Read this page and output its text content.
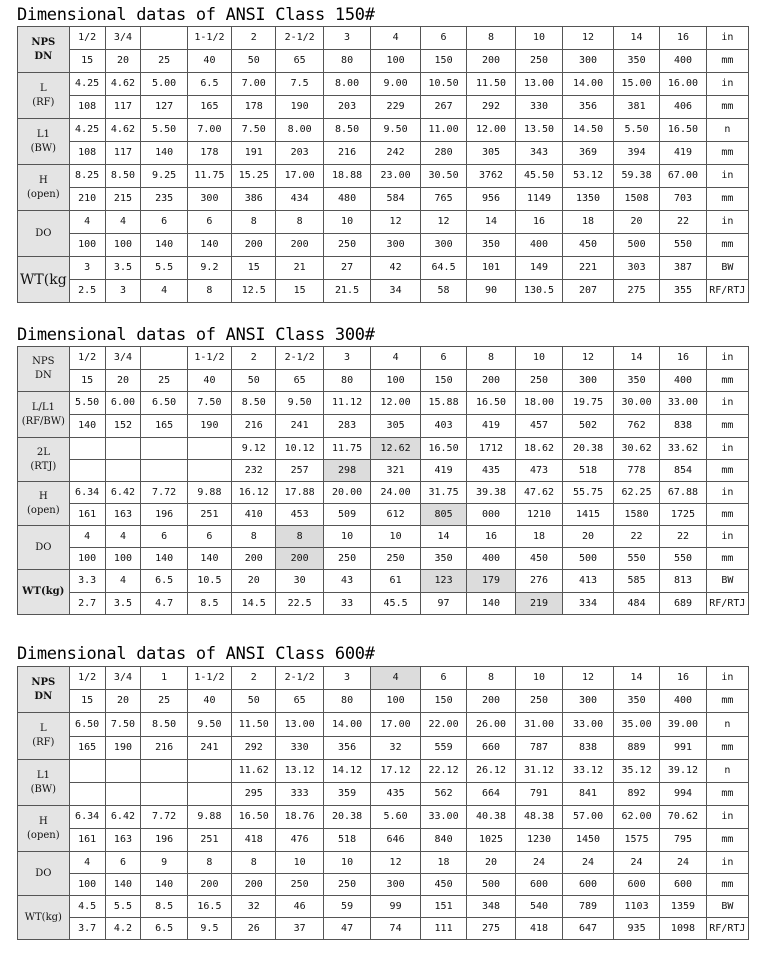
Dimensional datas of ANSI Class 150#
NPS
DN	1/2	3/4		1-1/2	2	2-1/2	3	4	6	8	10	12	14	16	in
	15	20	25	40	50	65	80	100	150	200	250	300	350	400	mm

L
(RF)	4.25	4.62	5.00	6.5	7.00	7.5	8.00	9.00	10.50	11.50	13.00	14.00	15.00	16.00	in
	108	117	127	165	178	190	203	229	267	292	330	356	381	406	mm

L1
(BW)	4.25	4.62	5.50	7.00	7.50	8.00	8.50	9.50	11.00	12.00	13.50	14.50	5.50	16.50	n
	108	117	140	178	191	203	216	242	280	305	343	369	394	419	mm

H
(open)	8.25	8.50	9.25	11.75	15.25	17.00	18.88	23.00	30.50	3762	45.50	53.12	59.38	67.00	in
	210	215	235	300	386	434	480	584	765	956	1149	1350	1508	703	mm

DO	4	4	6	6	8	8	10	12	12	14	16	18	20	22	in
	100	100	140	140	200	200	250	300	300	350	400	450	500	550	mm

WT(kg	3	3.5	5.5	9.2	15	21	27	42	64.5	101	149	221	303	387	BW
	2.5	3	4	8	12.5	15	21.5	34	58	90	130.5	207	275	355	RF/RTJ
Dimensional datas of ANSI Class 300#
NPS
DN	1/2	3/4		1-1/2	2	2-1/2	3	4	6	8	10	12	14	16	in
	15	20	25	40	50	65	80	100	150	200	250	300	350	400	mm

L/L1
(RF/BW)	5.50	6.00	6.50	7.50	8.50	9.50	11.12	12.00	15.88	16.50	18.00	19.75	30.00	33.00	in
	140	152	165	190	216	241	283	305	403	419	457	502	762	838	mm

2L
(RTJ)					9.12	10.12	11.75	12.62	16.50	1712	18.62	20.38	30.62	33.62	in
					232	257	298	321	419	435	473	518	778	854	mm

H
(open)	6.34	6.42	7.72	9.88	16.12	17.88	20.00	24.00	31.75	39.38	47.62	55.75	62.25	67.88	in
	161	163	196	251	410	453	509	612	805	000	1210	1415	1580	1725	mm

DO	4	4	6	6	8	8	10	10	14	16	18	20	22	22	in
	100	100	140	140	200	200	250	250	350	400	450	500	550	550	mm

WT(kg)	3.3	4	6.5	10.5	20	30	43	61	123	179	276	413	585	813	BW
	2.7	3.5	4.7	8.5	14.5	22.5	33	45.5	97	140	219	334	484	689	RF/RTJ
Dimensional datas of ANSI Class 600#
NPS
DN	1/2	3/4	1	1-1/2	2	2-1/2	3	4	6	8	10	12	14	16	in
	15	20	25	40	50	65	80	100	150	200	250	300	350	400	mm

L
(RF)	6.50	7.50	8.50	9.50	11.50	13.00	14.00	17.00	22.00	26.00	31.00	33.00	35.00	39.00	n
	165	190	216	241	292	330	356	32	559	660	787	838	889	991	mm

L1
(BW)					11.62	13.12	14.12	17.12	22.12	26.12	31.12	33.12	35.12	39.12	n
					295	333	359	435	562	664	791	841	892	994	mm

H
(open)	6.34	6.42	7.72	9.88	16.50	18.76	20.38	5.60	33.00	40.38	48.38	57.00	62.00	70.62	in
	161	163	196	251	418	476	518	646	840	1025	1230	1450	1575	795	mm

DO	4	6	9	8	8	10	10	12	18	20	24	24	24	24	in
	100	140	140	200	200	250	250	300	450	500	600	600	600	600	mm

WT(kg)	4.5	5.5	8.5	16.5	32	46	59	99	151	348	540	789	1103	1359	BW
	3.7	4.2	6.5	9.5	26	37	47	74	111	275	418	647	935	1098	RF/RTJ
